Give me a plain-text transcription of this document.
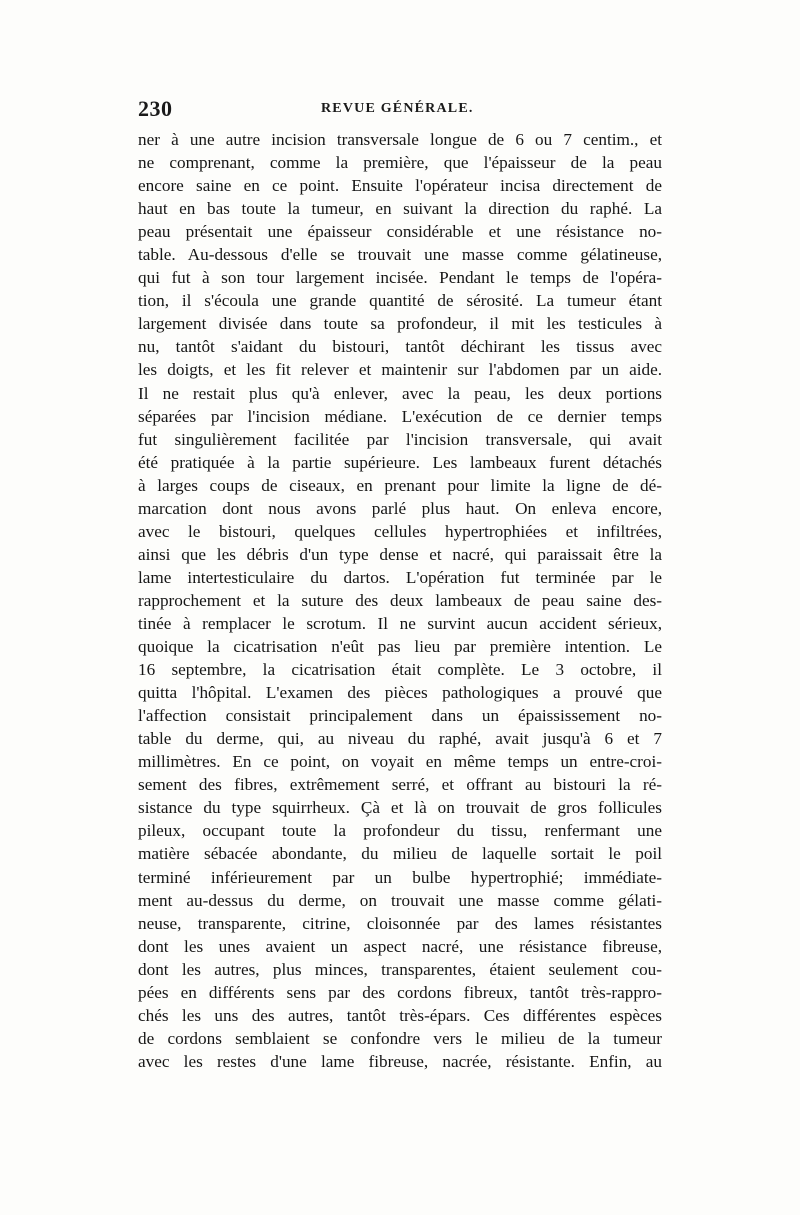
230	REVUE GÉNÉRALE.
ner à une autre incision transversale longue de 6 ou 7 centim., et
ne comprenant, comme la première, que l'épaisseur de la peau
encore saine en ce point. Ensuite l'opérateur incisa directement de
haut en bas toute la tumeur, en suivant la direction du raphé. La
peau présentait une épaisseur considérable et une résistance no-
table. Au-dessous d'elle se trouvait une masse comme gélatineuse,
qui fut à son tour largement incisée. Pendant le temps de l'opéra-
tion, il s'écoula une grande quantité de sérosité. La tumeur étant
largement divisée dans toute sa profondeur, il mit les testicules à
nu, tantôt s'aidant du bistouri, tantôt déchirant les tissus avec
les doigts, et les fit relever et maintenir sur l'abdomen par un aide.
Il ne restait plus qu'à enlever, avec la peau, les deux portions
séparées par l'incision médiane. L'exécution de ce dernier temps
fut singulièrement facilitée par l'incision transversale, qui avait
été pratiquée à la partie supérieure. Les lambeaux furent détachés
à larges coups de ciseaux, en prenant pour limite la ligne de dé-
marcation dont nous avons parlé plus haut. On enleva encore,
avec le bistouri, quelques cellules hypertrophiées et infiltrées,
ainsi que les débris d'un type dense et nacré, qui paraissait être la
lame intertesticulaire du dartos. L'opération fut terminée par le
rapprochement et la suture des deux lambeaux de peau saine des-
tinée à remplacer le scrotum. Il ne survint aucun accident sérieux,
quoique la cicatrisation n'eût pas lieu par première intention. Le
16 septembre, la cicatrisation était complète. Le 3 octobre, il
quitta l'hôpital. L'examen des pièces pathologiques a prouvé que
l'affection consistait principalement dans un épaississement no-
table du derme, qui, au niveau du raphé, avait jusqu'à 6 et 7
millimètres. En ce point, on voyait en même temps un entre-croi-
sement des fibres, extrêmement serré, et offrant au bistouri la ré-
sistance du type squirrheux. Çà et là on trouvait de gros follicules
pileux, occupant toute la profondeur du tissu, renfermant une
matière sébacée abondante, du milieu de laquelle sortait le poil
terminé inférieurement par un bulbe hypertrophié; immédiate-
ment au-dessus du derme, on trouvait une masse comme gélati-
neuse, transparente, citrine, cloisonnée par des lames résistantes
dont les unes avaient un aspect nacré, une résistance fibreuse,
dont les autres, plus minces, transparentes, étaient seulement cou-
pées en différents sens par des cordons fibreux, tantôt très-rappro-
chés les uns des autres, tantôt très-épars. Ces différentes espèces
de cordons semblaient se confondre vers le milieu de la tumeur
avec les restes d'une lame fibreuse, nacrée, résistante. Enfin, au
